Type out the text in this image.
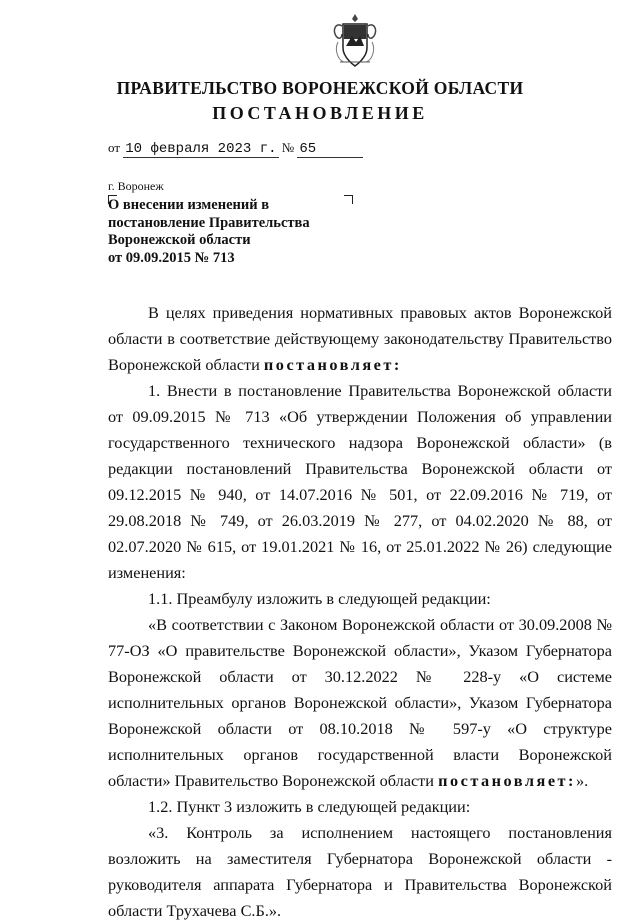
ПРАВИТЕЛЬСТВО ВОРОНЕЖСКОЙ ОБЛАСТИ
ПОСТАНОВЛЕНИЕ
от 10 февраля 2023 г. № 65
г. Воронеж
О внесении изменений в
постановление Правительства
Воронежской области
от 09.09.2015 № 713
В целях приведения нормативных правовых актов Воронежской области в соответствие действующему законодательству Правительство Воронежской области постановляет:
1. Внести в постановление Правительства Воронежской области от 09.09.2015 № 713 «Об утверждении Положения об управлении государственного технического надзора Воронежской области» (в редакции постановлений Правительства Воронежской области от 09.12.2015 № 940, от 14.07.2016 № 501, от 22.09.2016 № 719, от 29.08.2018 № 749, от 26.03.2019 № 277, от 04.02.2020 № 88, от 02.07.2020 № 615, от 19.01.2021 № 16, от 25.01.2022 № 26) следующие изменения:
1.1. Преамбулу изложить в следующей редакции:
«В соответствии с Законом Воронежской области от 30.09.2008 № 77-ОЗ «О правительстве Воронежской области», Указом Губернатора Воронежской области от 30.12.2022 № 228-у «О системе исполнительных органов Воронежской области», Указом Губернатора Воронежской области от 08.10.2018 № 597-у «О структуре исполнительных органов государственной власти Воронежской области» Правительство Воронежской области постановляет:».
1.2. Пункт 3 изложить в следующей редакции:
«3. Контроль за исполнением настоящего постановления возложить на заместителя Губернатора Воронежской области - руководителя аппарата Губернатора и Правительства Воронежской области Трухачева С.Б.».
